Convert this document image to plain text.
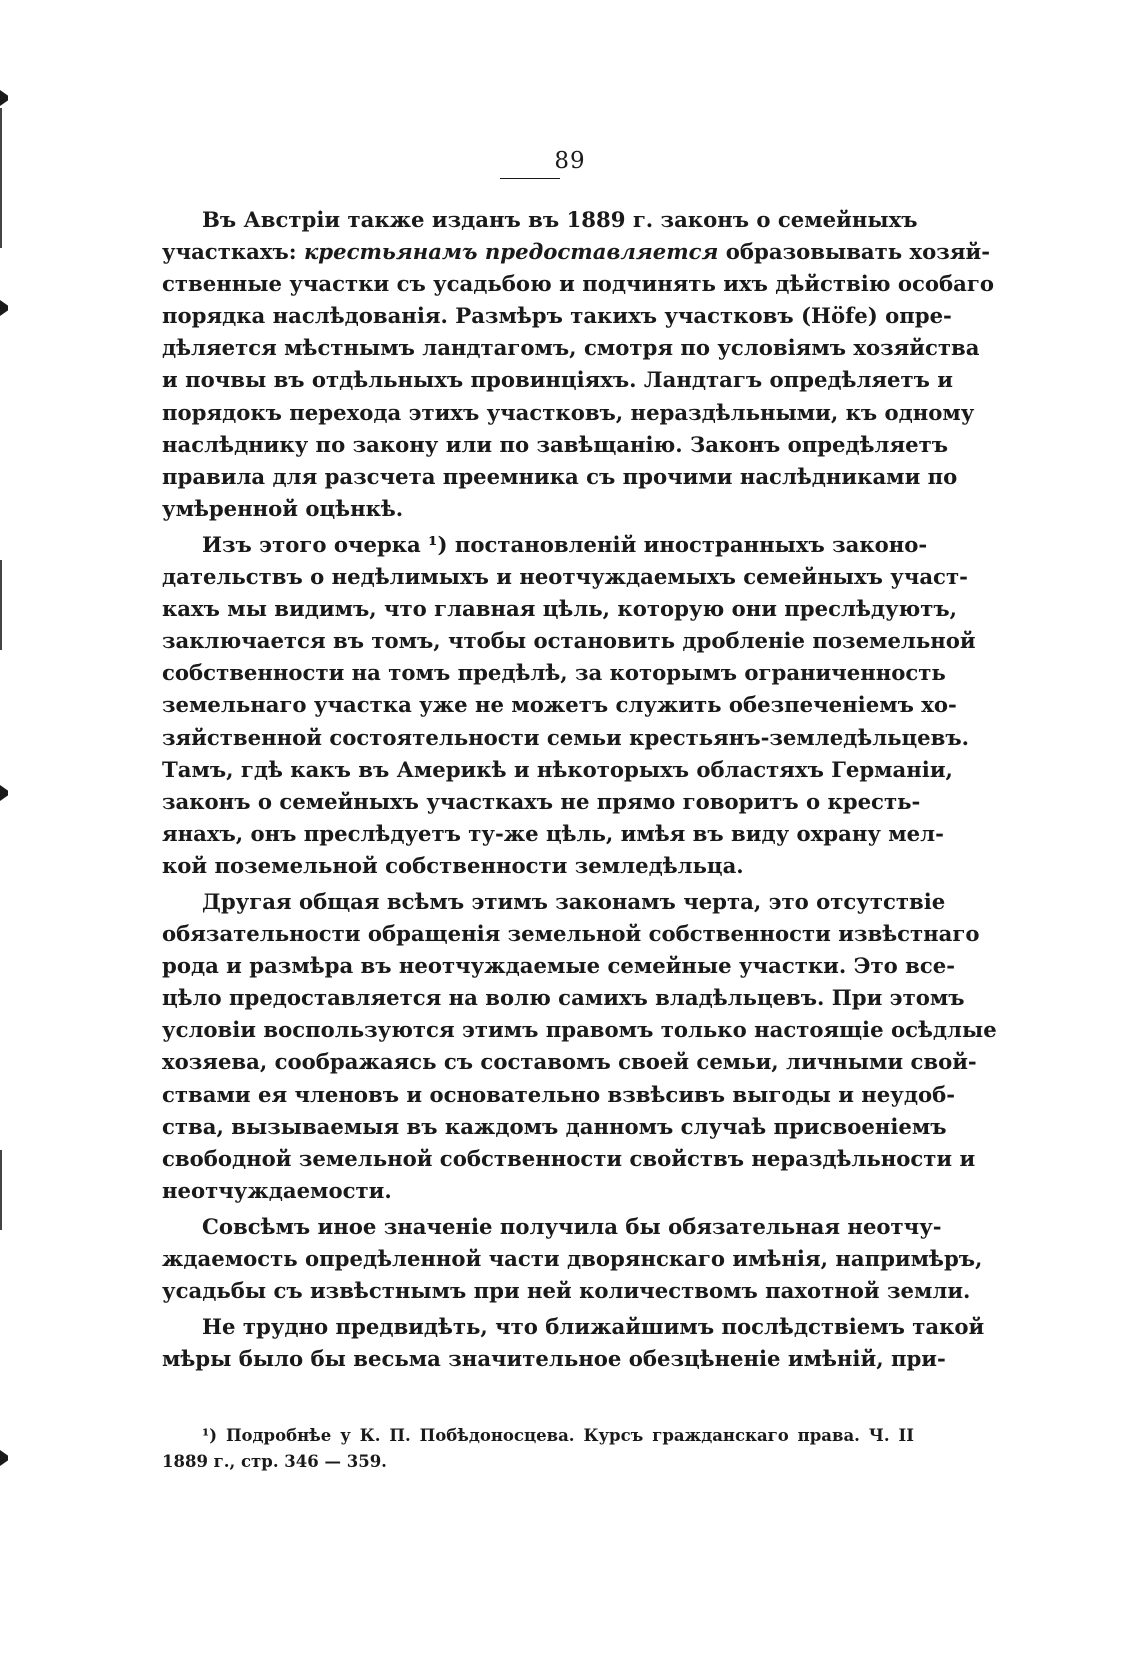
89
Въ Австріи также изданъ въ 1889 г. законъ о семейныхъ
участкахъ: крестьянамъ предоставляется образовывать хозяй-
ственные участки съ усадьбою и подчинять ихъ дѣйствію особаго
порядка наслѣдованія. Размѣръ такихъ участковъ (Höfe) опре-
дѣляется мѣстнымъ ландтагомъ, смотря по условіямъ хозяйства
и почвы въ отдѣльныхъ провинціяхъ. Ландтагъ опредѣляетъ и
порядокъ перехода этихъ участковъ, нераздѣльными, къ одному
наслѣднику по закону или по завѣщанію. Законъ опредѣляетъ
правила для разсчета преемника съ прочими наслѣдниками по
умѣренной оцѣнкѣ.
Изъ этого очерка ¹) постановленій иностранныхъ законо-
дательствъ о недѣлимыхъ и неотчуждаемыхъ семейныхъ участ-
кахъ мы видимъ, что главная цѣль, которую они преслѣдуютъ,
заключается въ томъ, чтобы остановить дробленіе поземельной
собственности на томъ предѣлѣ, за которымъ ограниченность
земельнаго участка уже не можетъ служить обезпеченіемъ хо-
зяйственной состоятельности семьи крестьянъ-земледѣльцевъ.
Тамъ, гдѣ какъ въ Америкѣ и нѣкоторыхъ областяхъ Германіи,
законъ о семейныхъ участкахъ не прямо говоритъ о кресть-
янахъ, онъ преслѣдуетъ ту-же цѣль, имѣя въ виду охрану мел-
кой поземельной собственности земледѣльца.
Другая общая всѣмъ этимъ законамъ черта, это отсутствіе
обязательности обращенія земельной собственности извѣстнаго
рода и размѣра въ неотчуждаемые семейные участки. Это все-
цѣло предоставляется на волю самихъ владѣльцевъ. При этомъ
условіи воспользуются этимъ правомъ только настоящіе осѣдлые
хозяева, соображаясь съ составомъ своей семьи, личными свой-
ствами ея членовъ и основательно взвѣсивъ выгоды и неудоб-
ства, вызываемыя въ каждомъ данномъ случаѣ присвоеніемъ
свободной земельной собственности свойствъ нераздѣльности и
неотчуждаемости.
Совсѣмъ иное значеніе получила бы обязательная неотчу-
ждаемость опредѣленной части дворянскаго имѣнія, напримѣръ,
усадьбы съ извѣстнымъ при ней количествомъ пахотной земли.
Не трудно предвидѣть, что ближайшимъ послѣдствіемъ такой
мѣры было бы весьма значительное обезцѣненіе имѣній, при-
¹) Подробнѣе у К. П. Побѣдоносцева. Курсъ гражданскаго права. Ч. II
1889 г., стр. 346 — 359.
